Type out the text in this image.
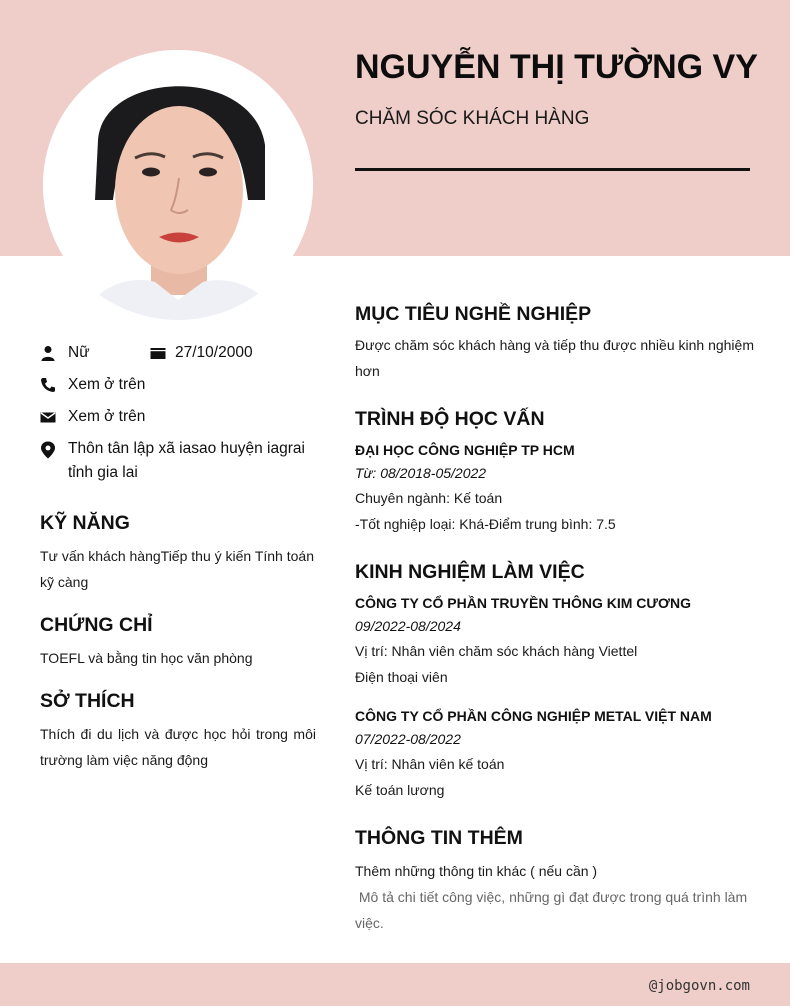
NGUYỄN THỊ TƯỜNG VY
CHĂM SÓC KHÁCH HÀNG
Nữ	27/10/2000
Xem ở trên
Xem ở trên
Thôn tân lập xã iasao huyện iagrai tỉnh gia lai
KỸ NĂNG
Tư vấn khách hàngTiếp thu ý kiến Tính toán kỹ càng
CHỨNG CHỈ
TOEFL và bằng tin học văn phòng
SỞ THÍCH
Thích đi du lịch và được học hỏi trong môi trường làm việc năng động
MỤC TIÊU NGHỀ NGHIỆP
Được chăm sóc khách hàng và tiếp thu được nhiều kinh nghiệm hơn
TRÌNH ĐỘ HỌC VẤN
ĐẠI HỌC CÔNG NGHIỆP TP HCM
Từ: 08/2018-05/2022
Chuyên ngành: Kế toán
-Tốt nghiệp loại: Khá-Điểm trung bình: 7.5
KINH NGHIỆM LÀM VIỆC
CÔNG TY CỔ PHẦN TRUYỀN THÔNG KIM CƯƠNG
09/2022-08/2024
Vị trí: Nhân viên chăm sóc khách hàng Viettel
Điện thoại viên
CÔNG TY CỔ PHẦN CÔNG NGHIỆP METAL VIỆT NAM
07/2022-08/2022
Vị trí: Nhân viên kế toán
Kế toán lương
THÔNG TIN THÊM
Thêm những thông tin khác ( nếu cần )
Mô tả chi tiết công việc, những gì đạt được trong quá trình làm việc.
@jobgovn.com
